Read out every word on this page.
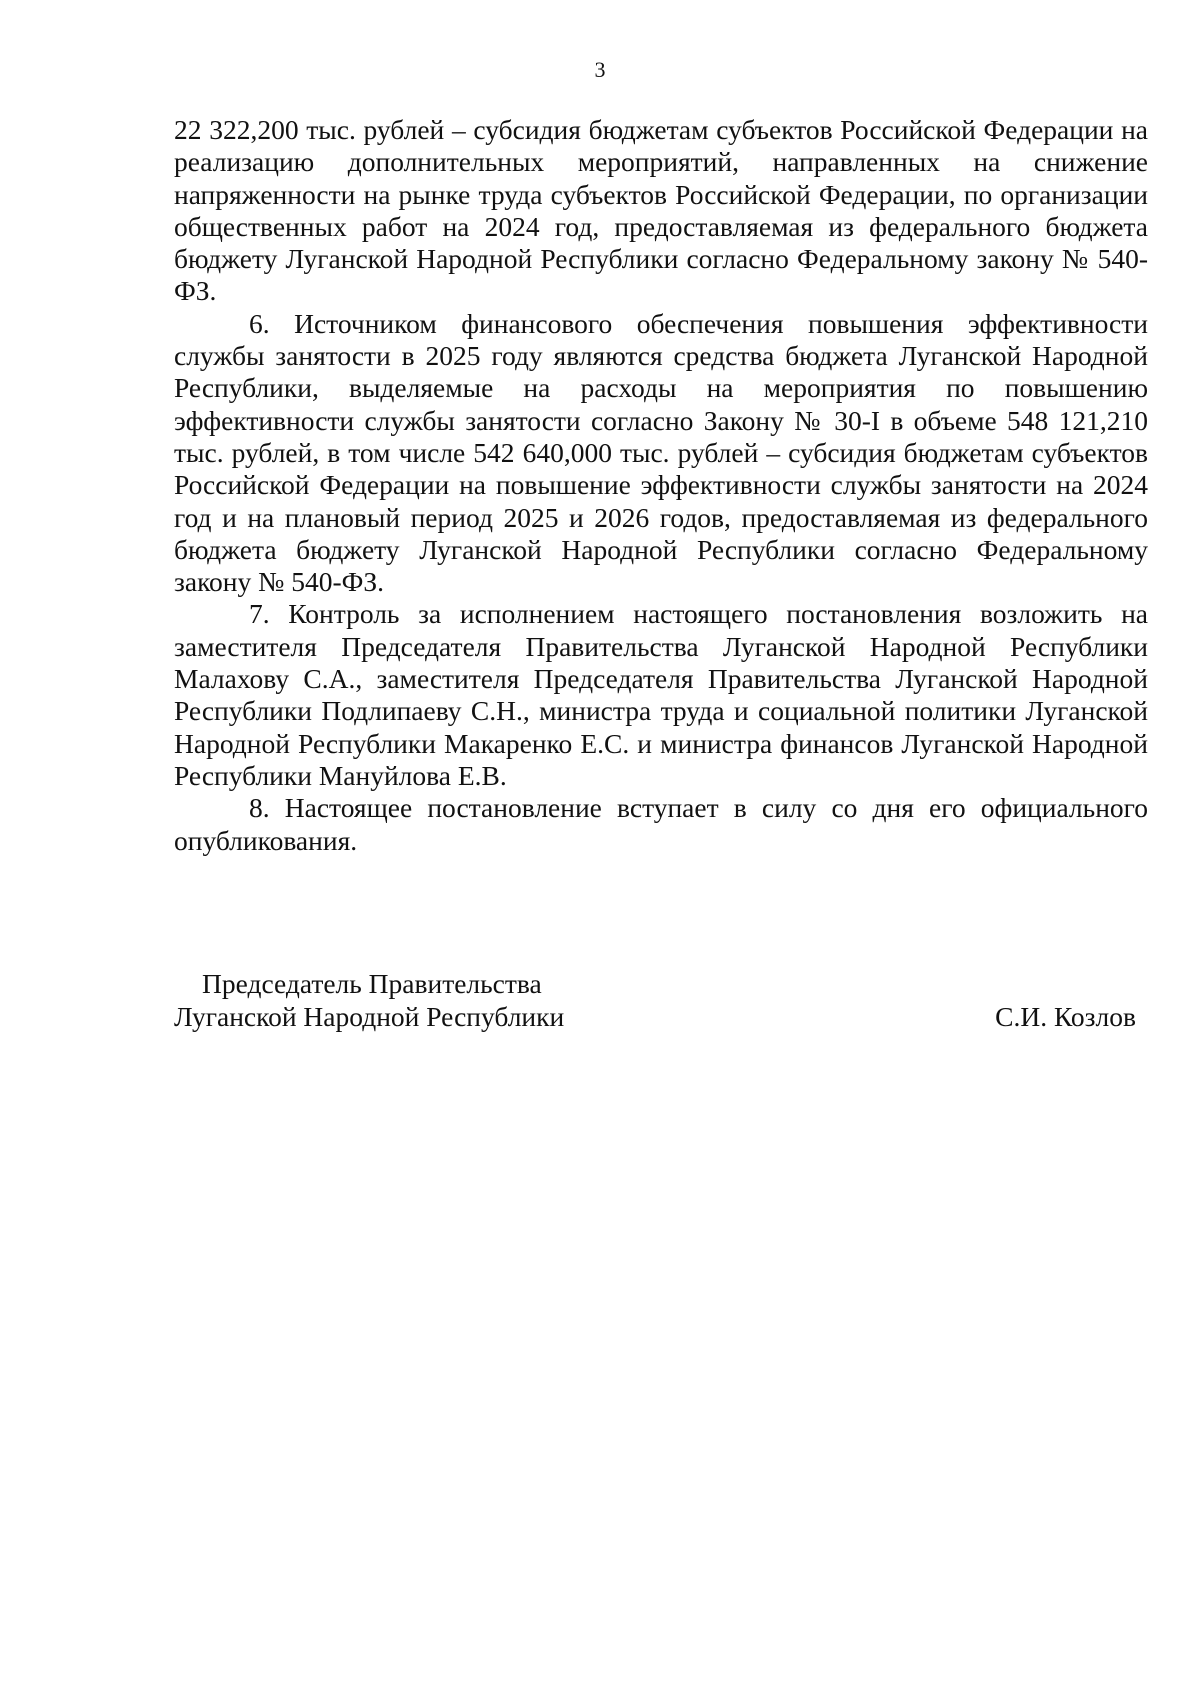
3

22 322,200 тыс. рублей – субсидия бюджетам субъектов Российской Федерации на реализацию дополнительных мероприятий, направленных на снижение напряженности на рынке труда субъектов Российской Федерации, по организации общественных работ на 2024 год, предоставляемая из федерального бюджета бюджету Луганской Народной Республики согласно Федеральному закону № 540-ФЗ.

6. Источником финансового обеспечения повышения эффективности службы занятости в 2025 году являются средства бюджета Луганской Народной Республики, выделяемые на расходы на мероприятия по повышению эффективности службы занятости согласно Закону № 30-I в объеме 548 121,210 тыс. рублей, в том числе 542 640,000 тыс. рублей – субсидия бюджетам субъектов Российской Федерации на повышение эффективности службы занятости на 2024 год и на плановый период 2025 и 2026 годов, предоставляемая из федерального бюджета бюджету Луганской Народной Республики согласно Федеральному закону № 540-ФЗ.

7. Контроль за исполнением настоящего постановления возложить на заместителя Председателя Правительства Луганской Народной Республики Малахову С.А., заместителя Председателя Правительства Луганской Народной Республики Подлипаеву С.Н., министра труда и социальной политики Луганской Народной Республики Макаренко Е.С. и министра финансов Луганской Народной Республики Мануйлова Е.В.

8. Настоящее постановление вступает в силу со дня его официального опубликования.

Председатель Правительства
Луганской Народной Республики	С.И. Козлов
